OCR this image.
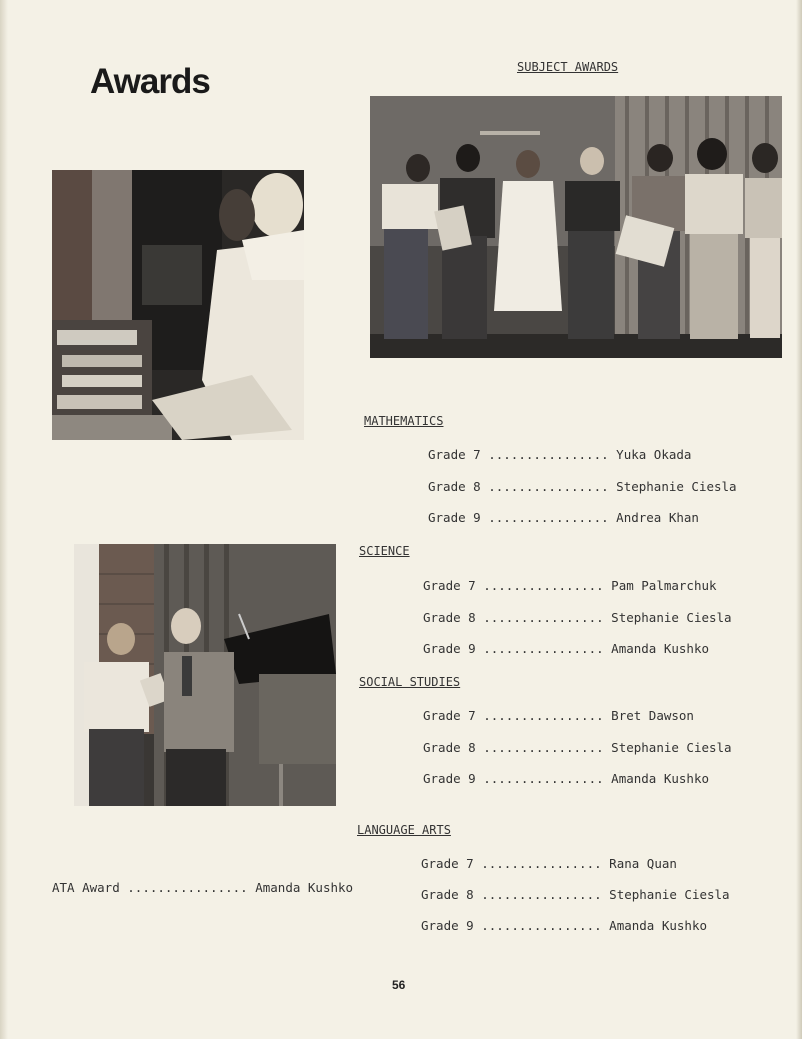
Awards	SUBJECT AWARDS
MATHEMATICS
SCIENCE
SOCIAL STUDIES
LANGUAGE ARTS
Grade 7 ................ Yuka Okada
Grade 8 ................ Stephanie Ciesla
Grade 9 ................ Andrea Khan
Grade 7 ................ Pam Palmarchuk
Grade 8 ................ Stephanie Ciesla
Grade 9 ................ Amanda Kushko
Grade 7 ................ Bret Dawson
Grade 8 ................ Stephanie Ciesla
Grade 9 ................ Amanda Kushko
Grade 7 ................ Rana Quan
Grade 8 ................ Stephanie Ciesla
Grade 9 ................ Amanda Kushko
ATA Award ................ Amanda Kushko
56
